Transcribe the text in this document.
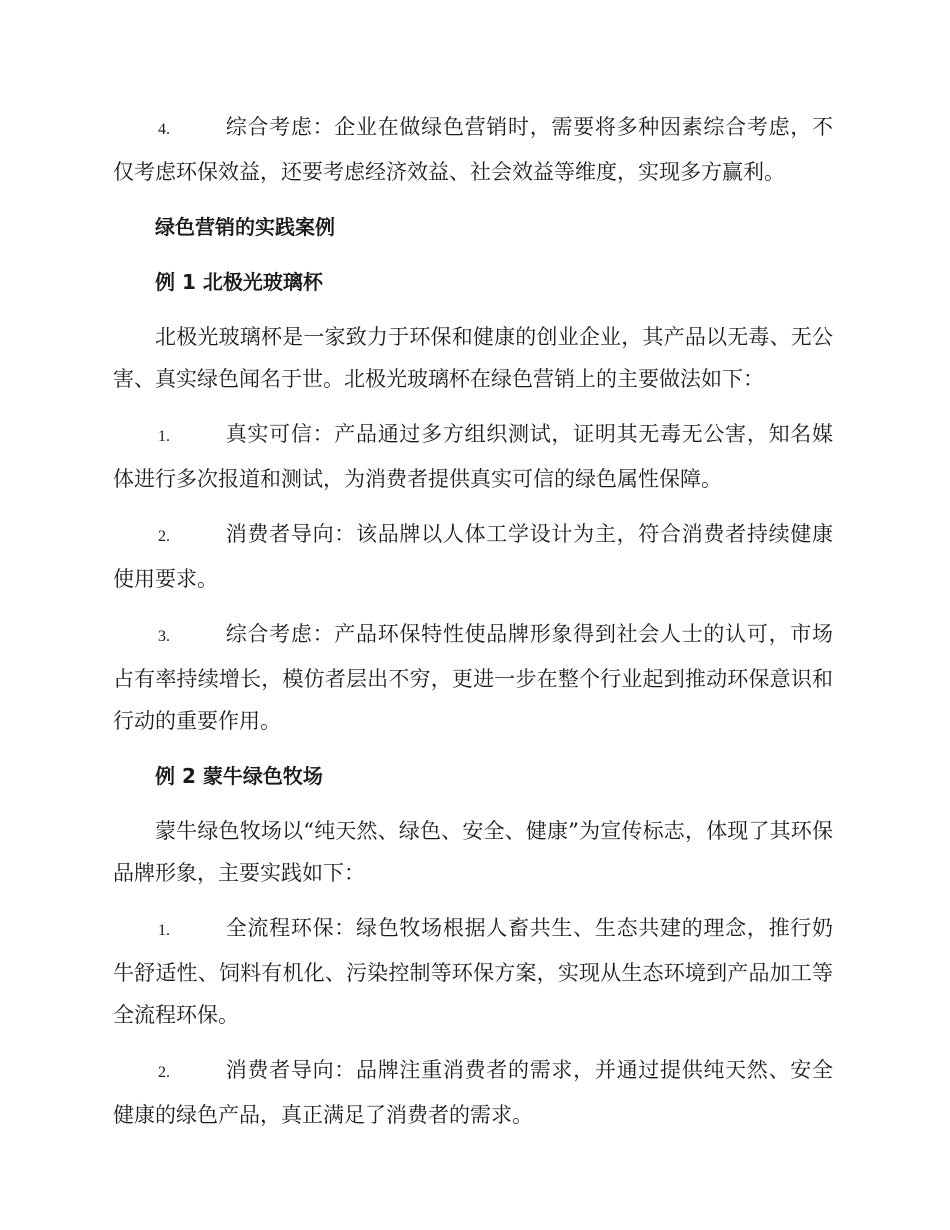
4.	综合考虑：企业在做绿色营销时，需要将多种因素综合考虑，不仅考虑环保效益，还要考虑经济效益、社会效益等维度，实现多方赢利。

绿色营销的实践案例

例 1 北极光玻璃杯

北极光玻璃杯是一家致力于环保和健康的创业企业，其产品以无毒、无公害、真实绿色闻名于世。北极光玻璃杯在绿色营销上的主要做法如下：

1.	真实可信：产品通过多方组织测试，证明其无毒无公害，知名媒体进行多次报道和测试，为消费者提供真实可信的绿色属性保障。

2.	消费者导向：该品牌以人体工学设计为主，符合消费者持续健康使用要求。

3.	综合考虑：产品环保特性使品牌形象得到社会人士的认可，市场占有率持续增长，模仿者层出不穷，更进一步在整个行业起到推动环保意识和行动的重要作用。

例 2 蒙牛绿色牧场

蒙牛绿色牧场以“纯天然、绿色、安全、健康”为宣传标志，体现了其环保品牌形象，主要实践如下：

1.	全流程环保：绿色牧场根据人畜共生、生态共建的理念，推行奶牛舒适性、饲料有机化、污染控制等环保方案，实现从生态环境到产品加工等全流程环保。

2.	消费者导向：品牌注重消费者的需求，并通过提供纯天然、安全健康的绿色产品，真正满足了消费者的需求。
